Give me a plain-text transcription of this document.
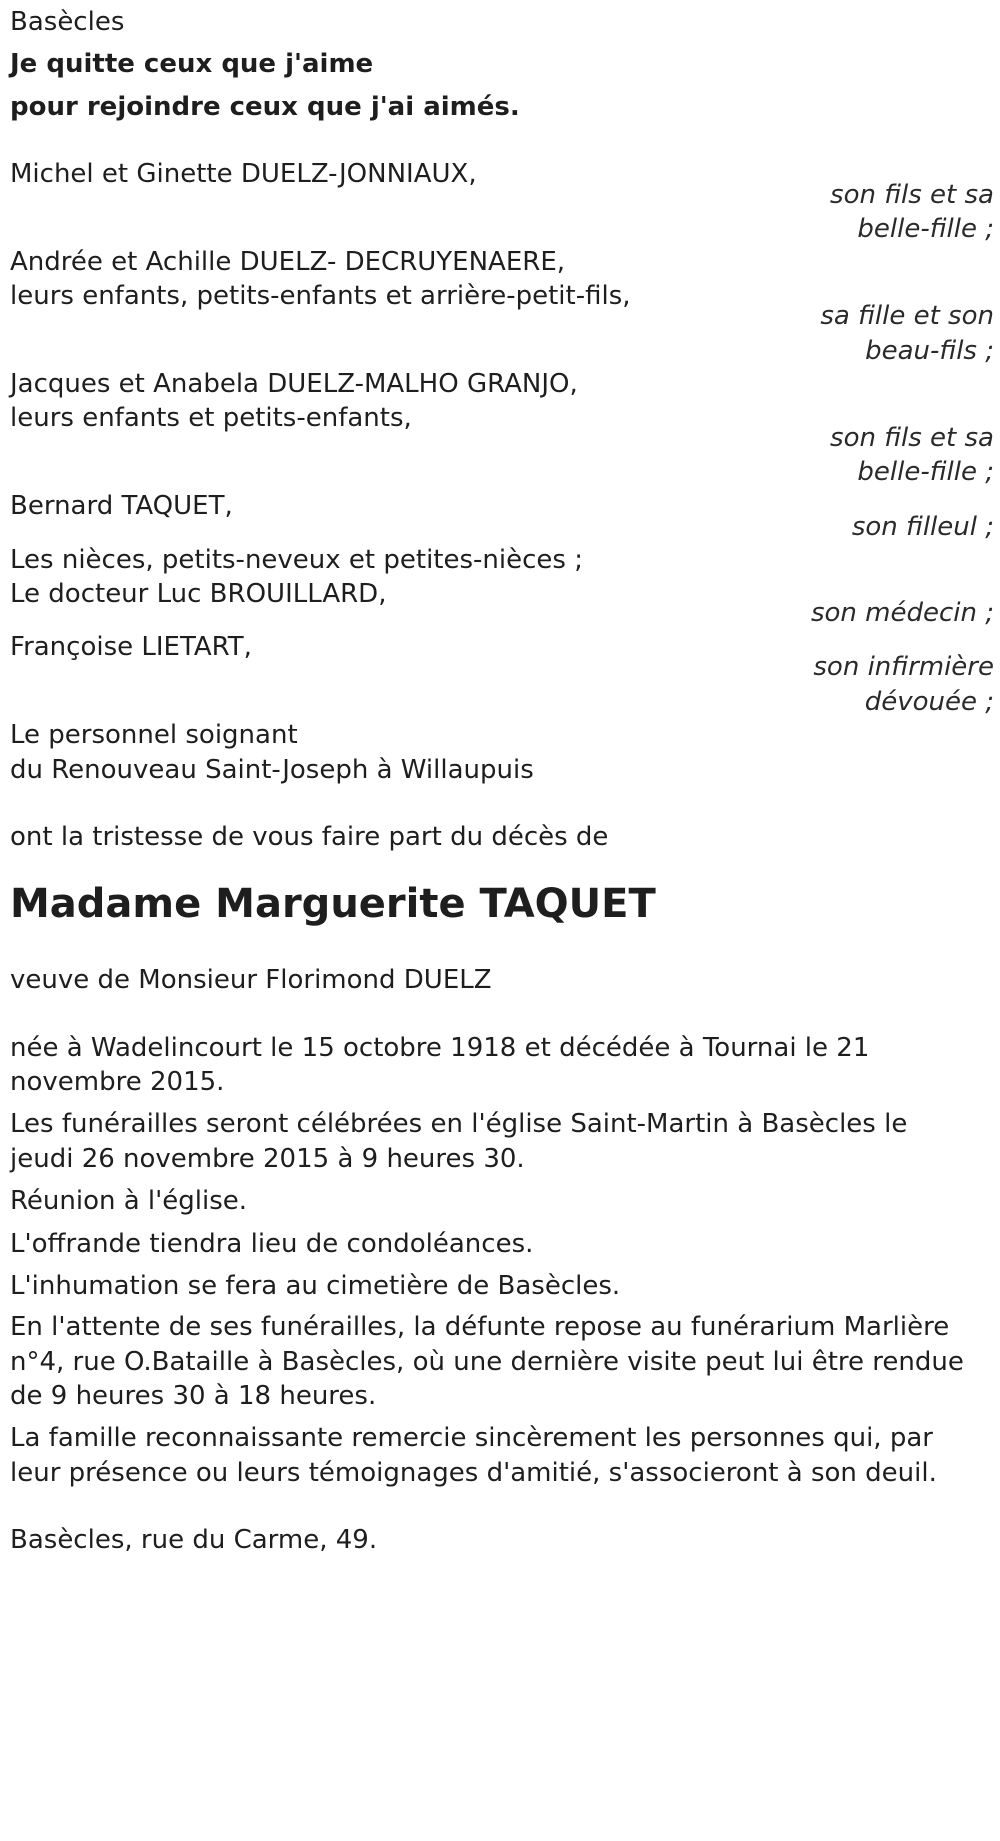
Basècles
Je quitte ceux que j'aime
pour rejoindre ceux que j'ai aimés.
Michel et Ginette DUELZ-JONNIAUX,
son fils et sa
belle-fille ;
Andrée et Achille DUELZ- DECRUYENAERE,
leurs enfants, petits-enfants et arrière-petit-fils,
sa fille et son
beau-fils ;
Jacques et Anabela DUELZ-MALHO GRANJO,
leurs enfants et petits-enfants,
son fils et sa
belle-fille ;
Bernard TAQUET,
son filleul ;
Les nièces, petits-neveux et petites-nièces ;
Le docteur Luc BROUILLARD,
son médecin ;
Françoise LIETART,
son infirmière
dévouée ;
Le personnel soignant
du Renouveau Saint-Joseph à Willaupuis
ont la tristesse de vous faire part du décès de
Madame Marguerite TAQUET
veuve de Monsieur Florimond DUELZ
née à Wadelincourt le 15 octobre 1918 et décédée à Tournai le 21
novembre 2015.
Les funérailles seront célébrées en l'église Saint-Martin à Basècles le
jeudi 26 novembre 2015 à 9 heures 30.
Réunion à l'église.
L'offrande tiendra lieu de condoléances.
L'inhumation se fera au cimetière de Basècles.
En l'attente de ses funérailles, la défunte repose au funérarium Marlière
n°4, rue O.Bataille à Basècles, où une dernière visite peut lui être rendue
de 9 heures 30 à 18 heures.
La famille reconnaissante remercie sincèrement les personnes qui, par
leur présence ou leurs témoignages d'amitié, s'associeront à son deuil.
Basècles, rue du Carme, 49.
